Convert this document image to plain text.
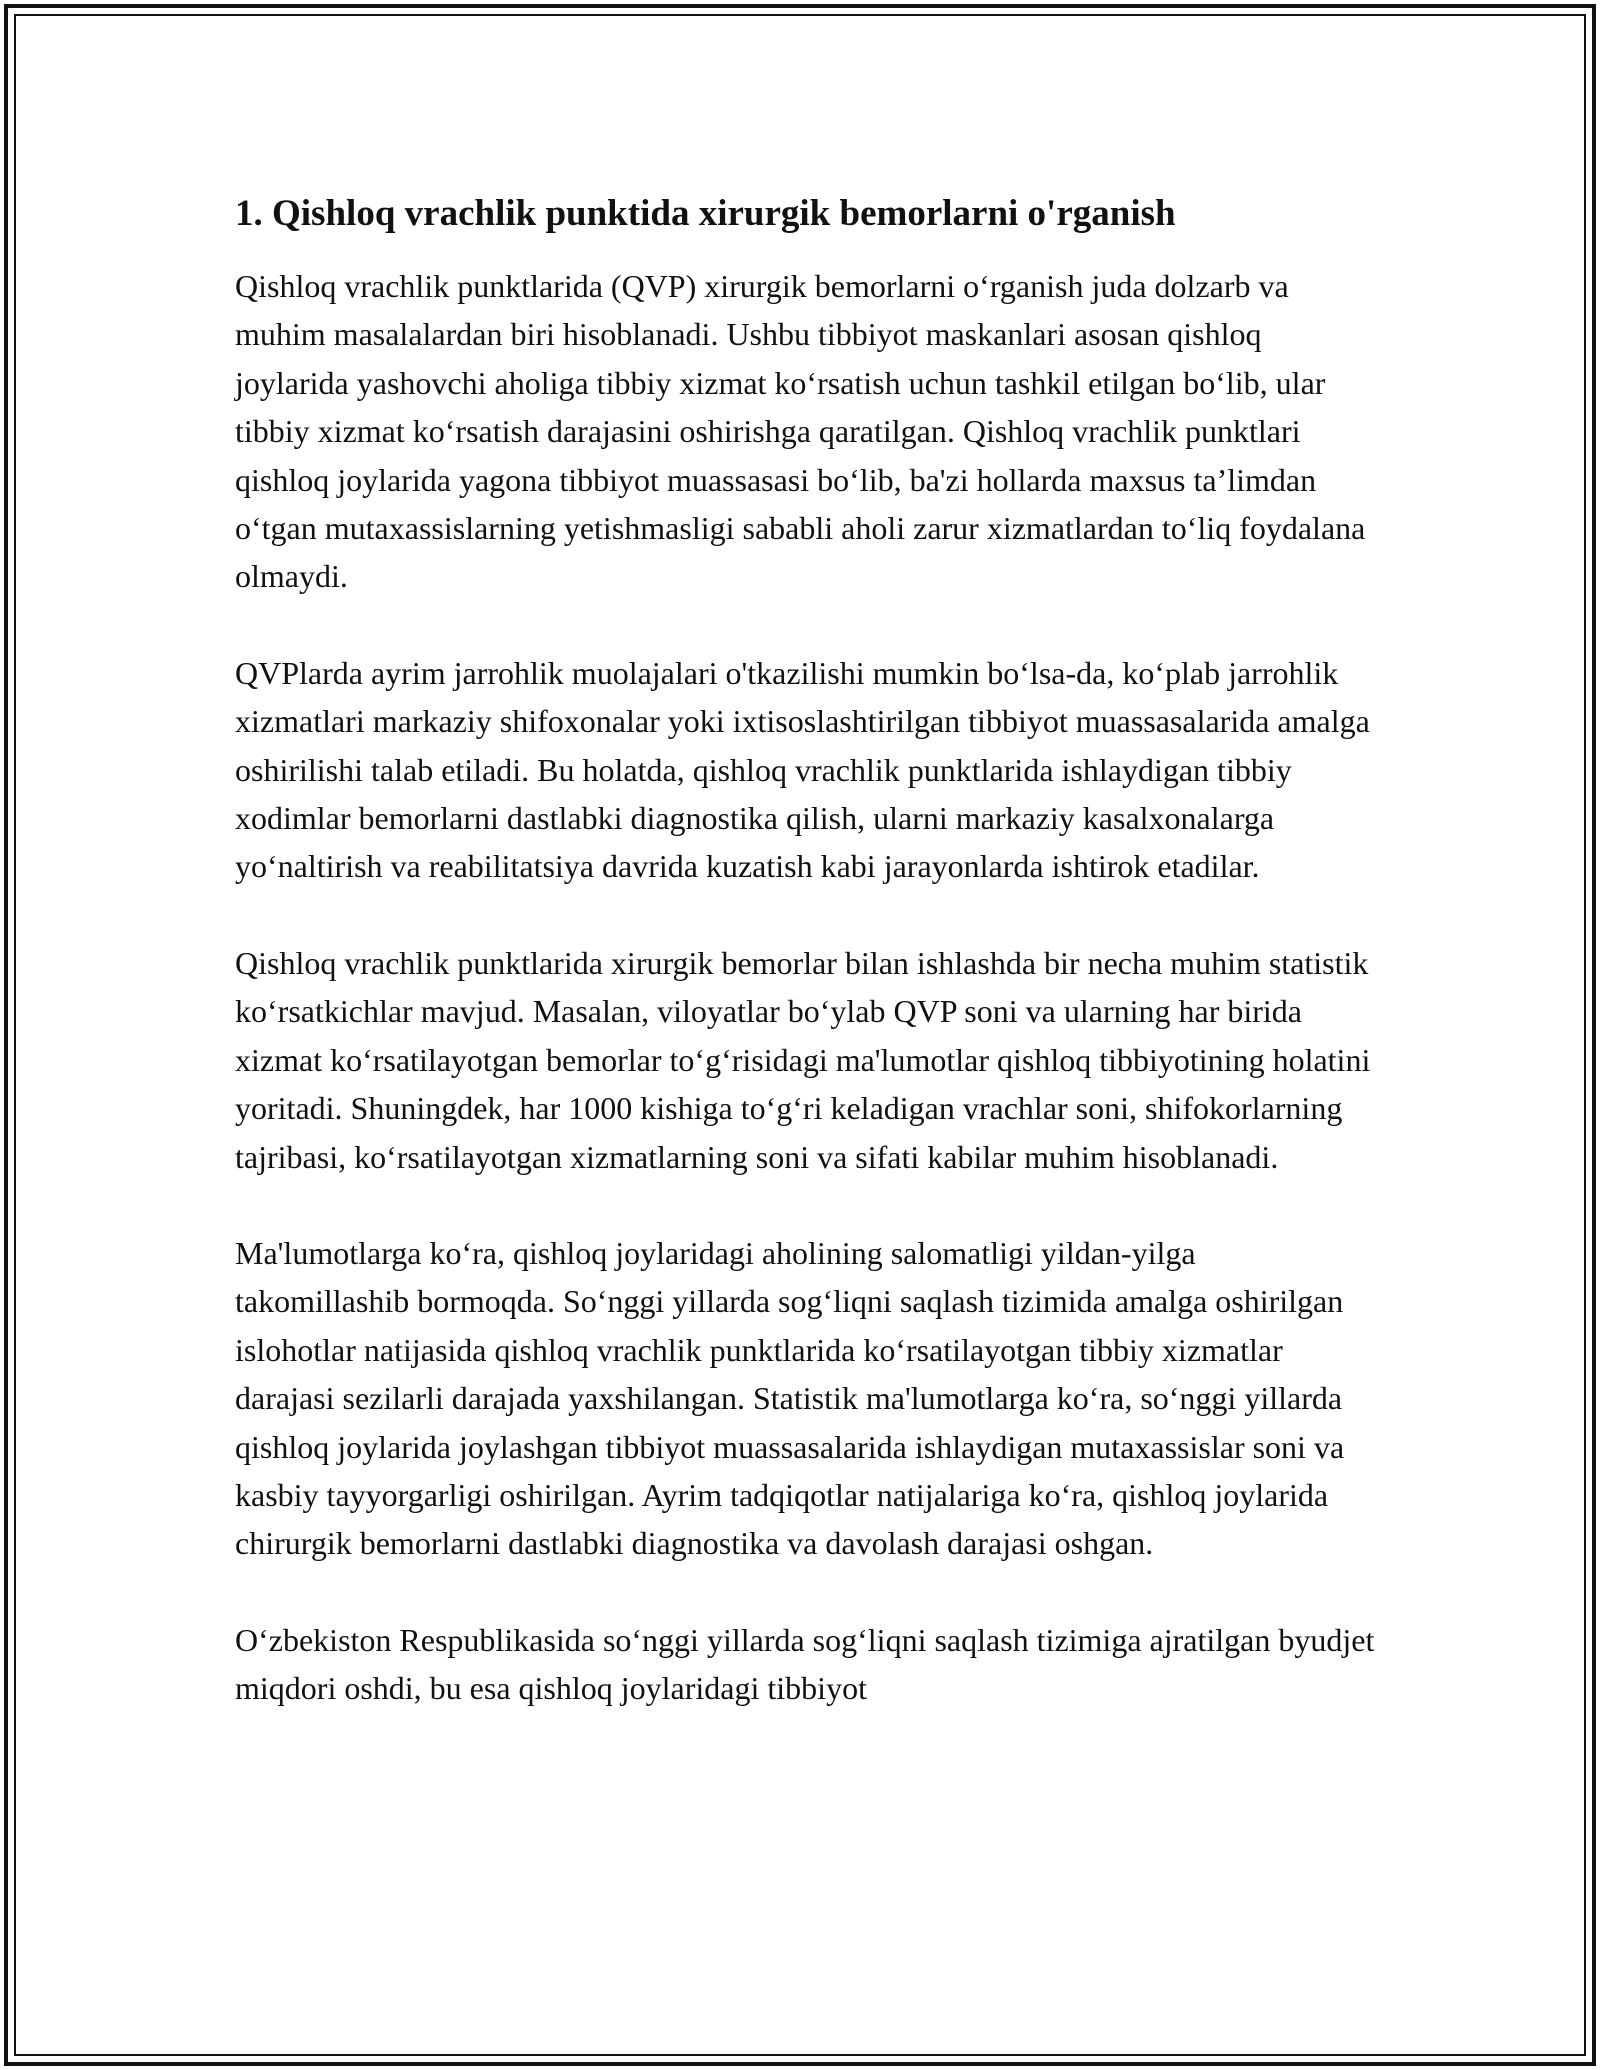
1. Qishloq vrachlik punktida xirurgik bemorlarni o'rganish

Qishloq vrachlik punktlarida (QVP) xirurgik bemorlarni o‘rganish juda dolzarb va muhim masalalardan biri hisoblanadi. Ushbu tibbiyot maskanlari asosan qishloq joylarida yashovchi aholiga tibbiy xizmat ko‘rsatish uchun tashkil etilgan bo‘lib, ular tibbiy xizmat ko‘rsatish darajasini oshirishga qaratilgan. Qishloq vrachlik punktlari qishloq joylarida yagona tibbiyot muassasasi bo‘lib, ba'zi hollarda maxsus ta’limdan o‘tgan mutaxassislarning yetishmasligi sababli aholi zarur xizmatlardan to‘liq foydalana olmaydi.

QVPlarda ayrim jarrohlik muolajalari o'tkazilishi mumkin bo‘lsa-da, ko‘plab jarrohlik xizmatlari markaziy shifoxonalar yoki ixtisoslashtirilgan tibbiyot muassasalarida amalga oshirilishi talab etiladi. Bu holatda, qishloq vrachlik punktlarida ishlaydigan tibbiy xodimlar bemorlarni dastlabki diagnostika qilish, ularni markaziy kasalxonalarga yo‘naltirish va reabilitatsiya davrida kuzatish kabi jarayonlarda ishtirok etadilar.

Qishloq vrachlik punktlarida xirurgik bemorlar bilan ishlashda bir necha muhim statistik ko‘rsatkichlar mavjud. Masalan, viloyatlar bo‘ylab QVP soni va ularning har birida xizmat ko‘rsatilayotgan bemorlar to‘g‘risidagi ma'lumotlar qishloq tibbiyotining holatini yoritadi. Shuningdek, har 1000 kishiga to‘g‘ri keladigan vrachlar soni, shifokorlarning tajribasi, ko‘rsatilayotgan xizmatlarning soni va sifati kabilar muhim hisoblanadi.

Ma'lumotlarga ko‘ra, qishloq joylaridagi aholining salomatligi yildan-yilga takomillashib bormoqda. So‘nggi yillarda sog‘liqni saqlash tizimida amalga oshirilgan islohotlar natijasida qishloq vrachlik punktlarida ko‘rsatilayotgan tibbiy xizmatlar darajasi sezilarli darajada yaxshilangan. Statistik ma'lumotlarga ko‘ra, so‘nggi yillarda qishloq joylarida joylashgan tibbiyot muassasalarida ishlaydigan mutaxassislar soni va kasbiy tayyorgarligi oshirilgan. Ayrim tadqiqotlar natijalariga ko‘ra, qishloq joylarida chirurgik bemorlarni dastlabki diagnostika va davolash darajasi oshgan.

O‘zbekiston Respublikasida so‘nggi yillarda sog‘liqni saqlash tizimiga ajratilgan byudjet miqdori oshdi, bu esa qishloq joylaridagi tibbiyot
